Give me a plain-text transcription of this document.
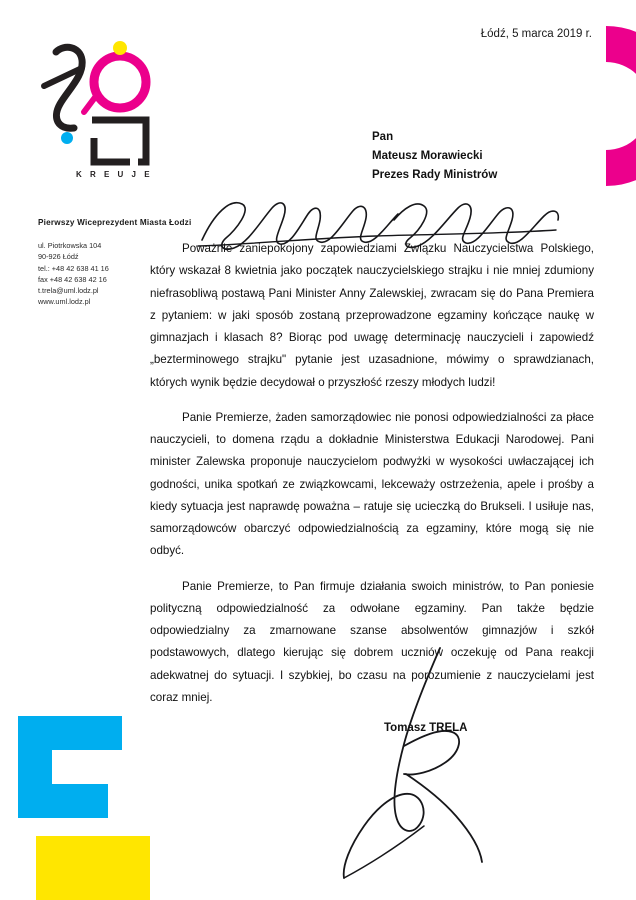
K R E U J E
Łódź, 5 marca 2019 r.
Pan
Mateusz Morawiecki
Prezes Rady Ministrów
Pierwszy Wiceprezydent Miasta Łodzi
ul. Piotrkowska 104
90-926 Łódź
tel.: +48 42 638 41 16
fax +48 42 638 42 16
t.trela@uml.lodz.pl
www.uml.lodz.pl

Poważnie zaniepokojony zapowiedziami Związku Nauczycielstwa Polskiego, który wskazał 8 kwietnia jako początek nauczycielskiego strajku i nie mniej zdumiony niefrasobliwą postawą Pani Minister Anny Zalewskiej, zwracam się do Pana Premiera z pytaniem: w jaki sposób zostaną przeprowadzone egzaminy kończące naukę w gimnazjach i klasach 8? Biorąc pod uwagę determinację nauczycieli i zapowiedź „bezterminowego strajku" pytanie jest uzasadnione, mówimy o sprawdzianach, których wynik będzie decydował o przyszłość rzeszy młodych ludzi!

Panie Premierze, żaden samorządowiec nie ponosi odpowiedzialności za płace nauczycieli, to domena rządu a dokładnie Ministerstwa Edukacji Narodowej. Pani minister Zalewska proponuje nauczycielom podwyżki w wysokości uwłaczającej ich godności, unika spotkań ze związkowcami, lekceważy ostrzeżenia, apele i prośby a kiedy sytuacja jest naprawdę poważna – ratuje się ucieczką do Brukseli. I usiłuje nas, samorządowców obarczyć odpowiedzialnością za egzaminy, które mogą się nie odbyć.

Panie Premierze, to Pan firmuje działania swoich ministrów, to Pan poniesie polityczną odpowiedzialność za odwołane egzaminy. Pan także będzie odpowiedzialny za zmarnowane szanse absolwentów gimnazjów i szkół podstawowych, dlatego kierując się dobrem uczniów oczekuję od Pana reakcji adekwatnej do sytuacji. I szybkiej, bo czasu na porozumienie z nauczycielami jest coraz mniej.

Tomasz TRELA
